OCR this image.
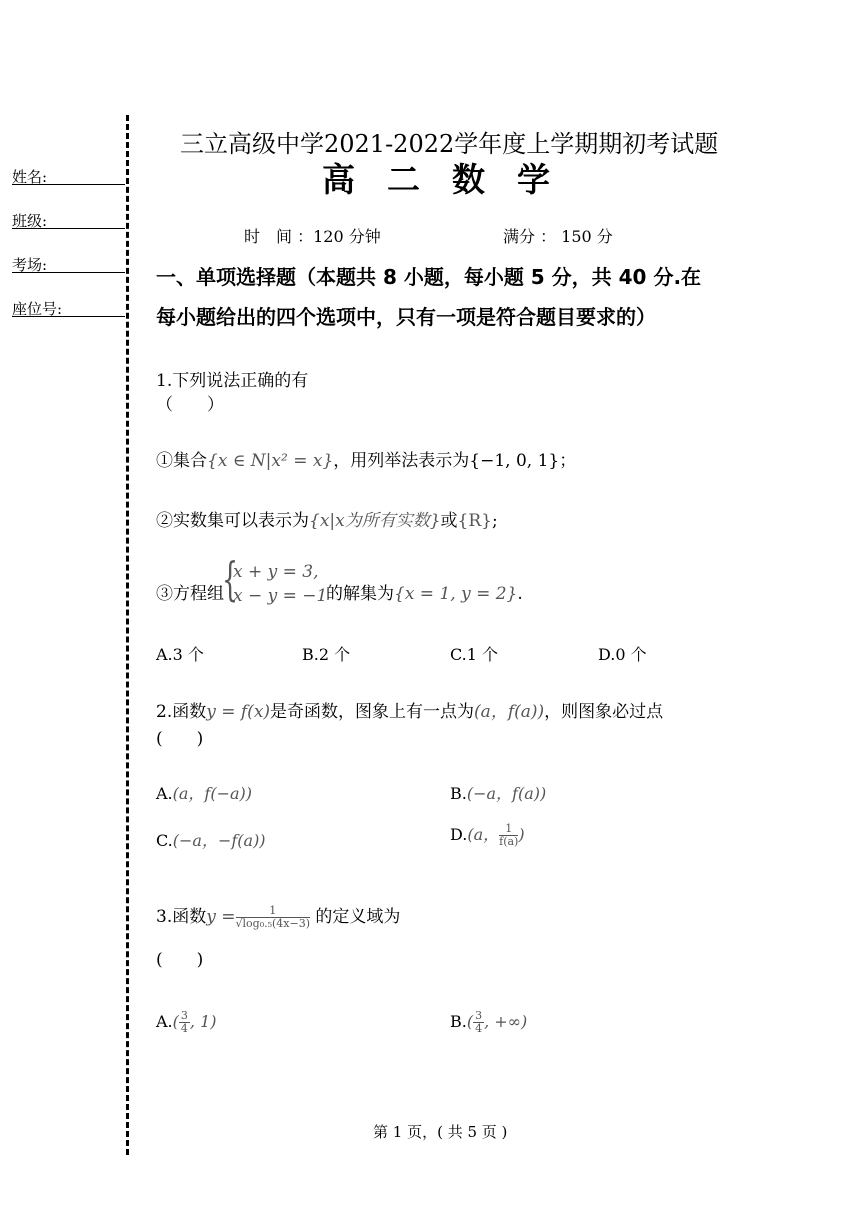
姓名:
班级:
考场:
座位号:
三立高级中学2021-2022学年度上学期期初考试题
高二数学
时　间 ：120 分钟	满分 ： 150 分
一、单项选择题（本题共 8 小题，每小题 5 分，共 40 分.在
每小题给出的四个选项中，只有一项是符合题目要求的）
1.下列说法正确的有
（　　）
①集合{x ∈ N|x² = x}，用列举法表示为{−1, 0, 1}；
②实数集可以表示为{x|x为所有实数}或{R};
③方程组
{
x + y = 3,
x − y = −1
的解集为{x = 1, y = 2}.
A.3 个	B.2 个	C.1 个	D.0 个
2.函数y = f(x)是奇函数，图象上有一点为(a，f(a))，则图象必过点
(　　)
A.(a，f(−a))	B.(−a，f(a))
C.(−a，−f(a))	D.(a， $\frac{1}{f(a)}$ )
3.函数$y = \frac{1}{\text{√log₀.₅(4x−3)}}$ 的定义域为
(　　)
$A.( \frac{3}{4}$ , 1)	$B.( \frac{3}{4}$ , +∞)
第 1 页，( 共 5 页 )
